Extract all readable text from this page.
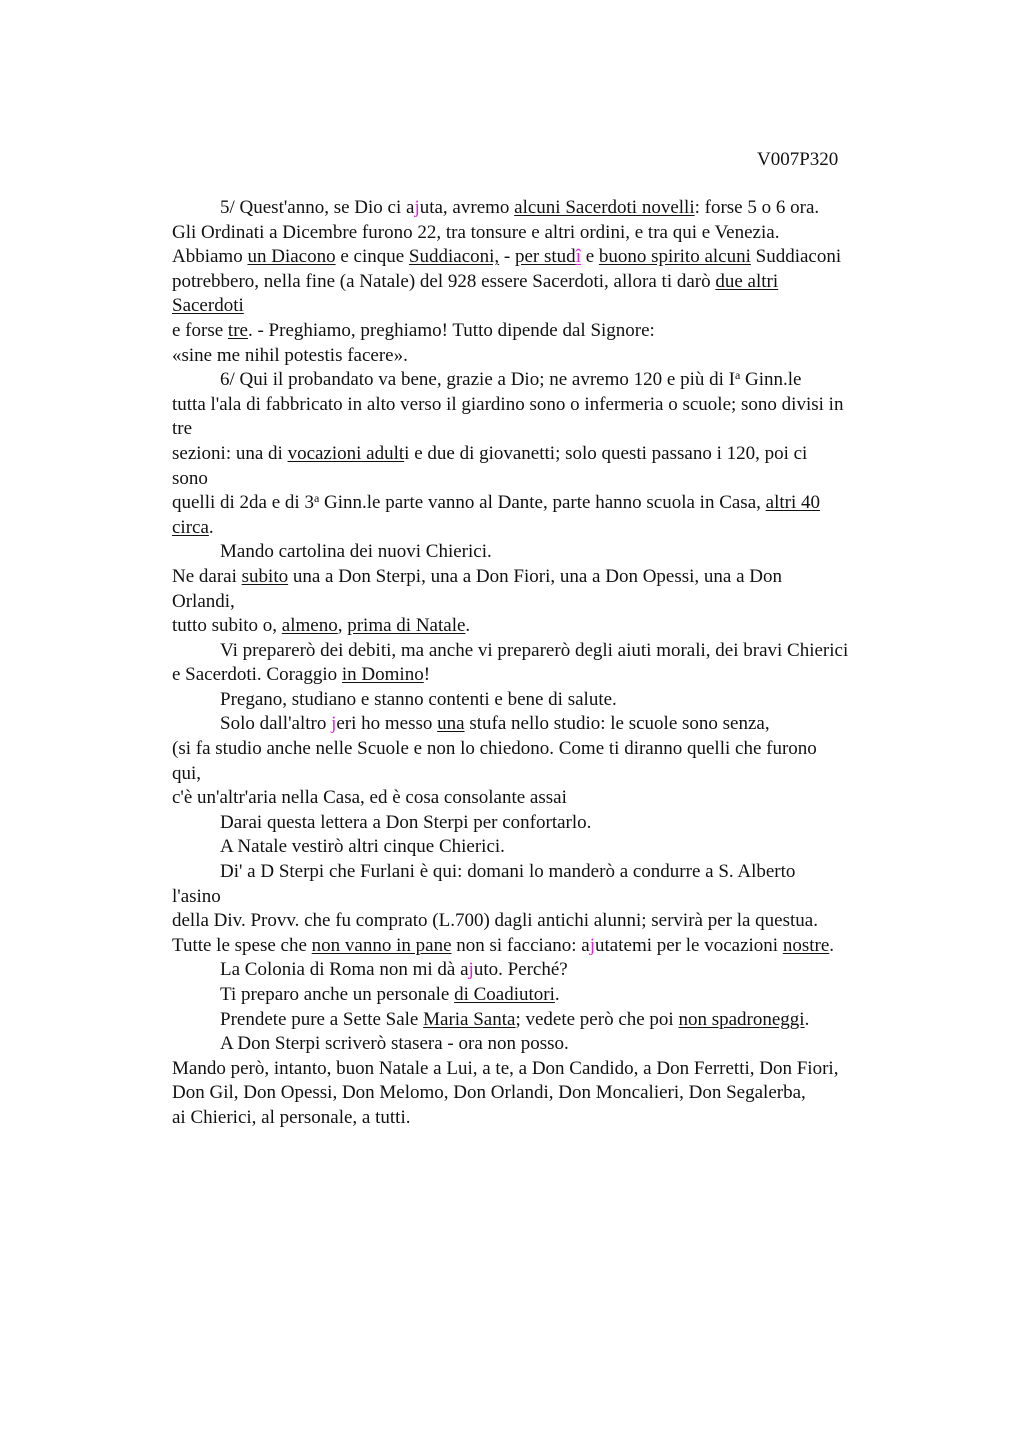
V007P320
5/ Quest'anno, se Dio ci ajuta, avremo alcuni Sacerdoti novelli: forse 5 o 6 ora.
Gli Ordinati a Dicembre furono 22, tra tonsure e altri ordini, e tra qui e Venezia.
Abbiamo un Diacono e cinque Suddiaconi, - per studî e buono spirito alcuni Suddiaconi
potrebbero, nella fine (a Natale) del 928 essere Sacerdoti, allora ti darò due altri
Sacerdoti
e forse tre. - Preghiamo, preghiamo! Tutto dipende dal Signore:
«sine me nihil potestis facere».
6/ Qui il probandato va bene, grazie a Dio; ne avremo 120 e più di $I^a$ Ginn.le
tutta l'ala di fabbricato in alto verso il giardino sono o infermeria o scuole; sono divisi in
tre
sezioni: una di vocazioni adulti e due di giovanetti; solo questi passano i 120, poi ci
sono
quelli di 2da e di 3$^a$ Ginn.le parte vanno al Dante, parte hanno scuola in Casa, altri 40
circa.
Mando cartolina dei nuovi Chierici.
Ne darai subito una a Don Sterpi, una a Don Fiori, una a Don Opessi, una a Don
Orlandi,
tutto subito o, almeno, prima di Natale.
Vi preparerò dei debiti, ma anche vi preparerò degli aiuti morali, dei bravi Chierici
e Sacerdoti. Coraggio in Domino!
Pregano, studiano e stanno contenti e bene di salute.
Solo dall'altro jeri ho messo una stufa nello studio: le scuole sono senza,
(si fa studio anche nelle Scuole e non lo chiedono. Come ti diranno quelli che furono
qui,
c'è un'altr'aria nella Casa, ed è cosa consolante assai
Darai questa lettera a Don Sterpi per confortarlo.
A Natale vestirò altri cinque Chierici.
Di' a D Sterpi che Furlani è qui: domani lo manderò a condurre a S. Alberto
l'asino
della Div. Provv. che fu comprato (L.700) dagli antichi alunni; servirà per la questua.
Tutte le spese che non vanno in pane non si facciano: ajutatemi per le vocazioni nostre.
La Colonia di Roma non mi dà ajuto. Perché?
Ti preparo anche un personale di Coadiutori.
Prendete pure a Sette Sale Maria Santa; vedete però che poi non spadroneggi.
A Don Sterpi scriverò stasera - ora non posso.
Mando però, intanto, buon Natale a Lui, a te, a Don Candido, a Don Ferretti, Don Fiori,
Don Gil, Don Opessi, Don Melomo, Don Orlandi, Don Moncalieri, Don Segalerba,
ai Chierici, al personale, a tutti.
